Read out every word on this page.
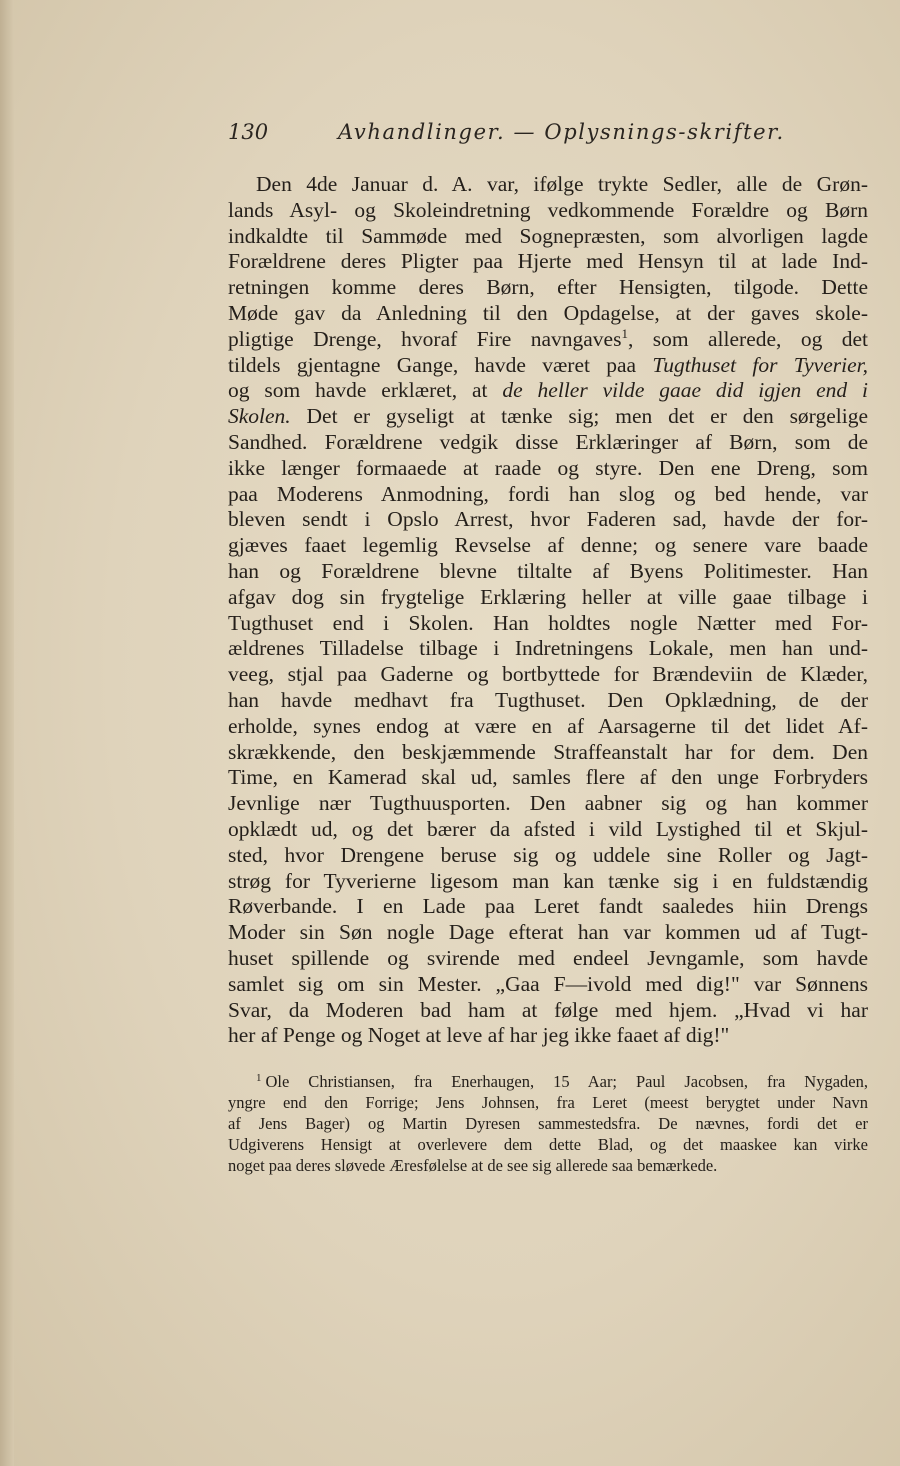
130	Avhandlinger. — Oplysnings-skrifter.
Den 4de Januar d. A. var, ifølge trykte Sedler, alle de Grøn-
lands Asyl- og Skoleindretning vedkommende Forældre og Børn
indkaldte til Sammøde med Sognepræsten, som alvorligen lagde
Forældrene deres Pligter paa Hjerte med Hensyn til at lade Ind-
retningen komme deres Børn, efter Hensigten, tilgode. Dette
Møde gav da Anledning til den Opdagelse, at der gaves skole-
pligtige Drenge, hvoraf Fire navngaves$^1$, som allerede, og det
tildels gjentagne Gange, havde været paa Tugthuset for Tyverier,
og som havde erklæret, at de heller vilde gaae did igjen end i
Skolen. Det er gyseligt at tænke sig; men det er den sørgelige
Sandhed. Forældrene vedgik disse Erklæringer af Børn, som de
ikke længer formaaede at raade og styre. Den ene Dreng, som
paa Moderens Anmodning, fordi han slog og bed hende, var
bleven sendt i Opslo Arrest, hvor Faderen sad, havde der for-
gjæves faaet legemlig Revselse af denne; og senere vare baade
han og Forældrene blevne tiltalte af Byens Politimester. Han
afgav dog sin frygtelige Erklæring heller at ville gaae tilbage i
Tugthuset end i Skolen. Han holdtes nogle Nætter med For-
ældrenes Tilladelse tilbage i Indretningens Lokale, men han und-
veeg, stjal paa Gaderne og bortbyttede for Brændeviin de Klæder,
han havde medhavt fra Tugthuset. Den Opklædning, de der
erholde, synes endog at være en af Aarsagerne til det lidet Af-
skrækkende, den beskjæmmende Straffeanstalt har for dem. Den
Time, en Kamerad skal ud, samles flere af den unge Forbryders
Jevnlige nær Tugthuusporten. Den aabner sig og han kommer
opklædt ud, og det bærer da afsted i vild Lystighed til et Skjul-
sted, hvor Drengene beruse sig og uddele sine Roller og Jagt-
strøg for Tyverierne ligesom man kan tænke sig i en fuldstændig
Røverbande. I en Lade paa Leret fandt saaledes hiin Drengs
Moder sin Søn nogle Dage efterat han var kommen ud af Tugt-
huset spillende og svirende med endeel Jevngamle, som havde
samlet sig om sin Mester. „Gaa F—ivold med dig!" var Sønnens
Svar, da Moderen bad ham at følge med hjem. „Hvad vi har
her af Penge og Noget at leve af har jeg ikke faaet af dig!"
$^1$ Ole Christiansen, fra Enerhaugen, 15 Aar; Paul Jacobsen, fra Nygaden,
yngre end den Forrige; Jens Johnsen, fra Leret (meest berygtet under Navn
af Jens Bager) og Martin Dyresen sammestedsfra. De nævnes, fordi det er
Udgiverens Hensigt at overlevere dem dette Blad, og det maaskee kan virke
noget paa deres sløvede Æresfølelse at de see sig allerede saa bemærkede.
